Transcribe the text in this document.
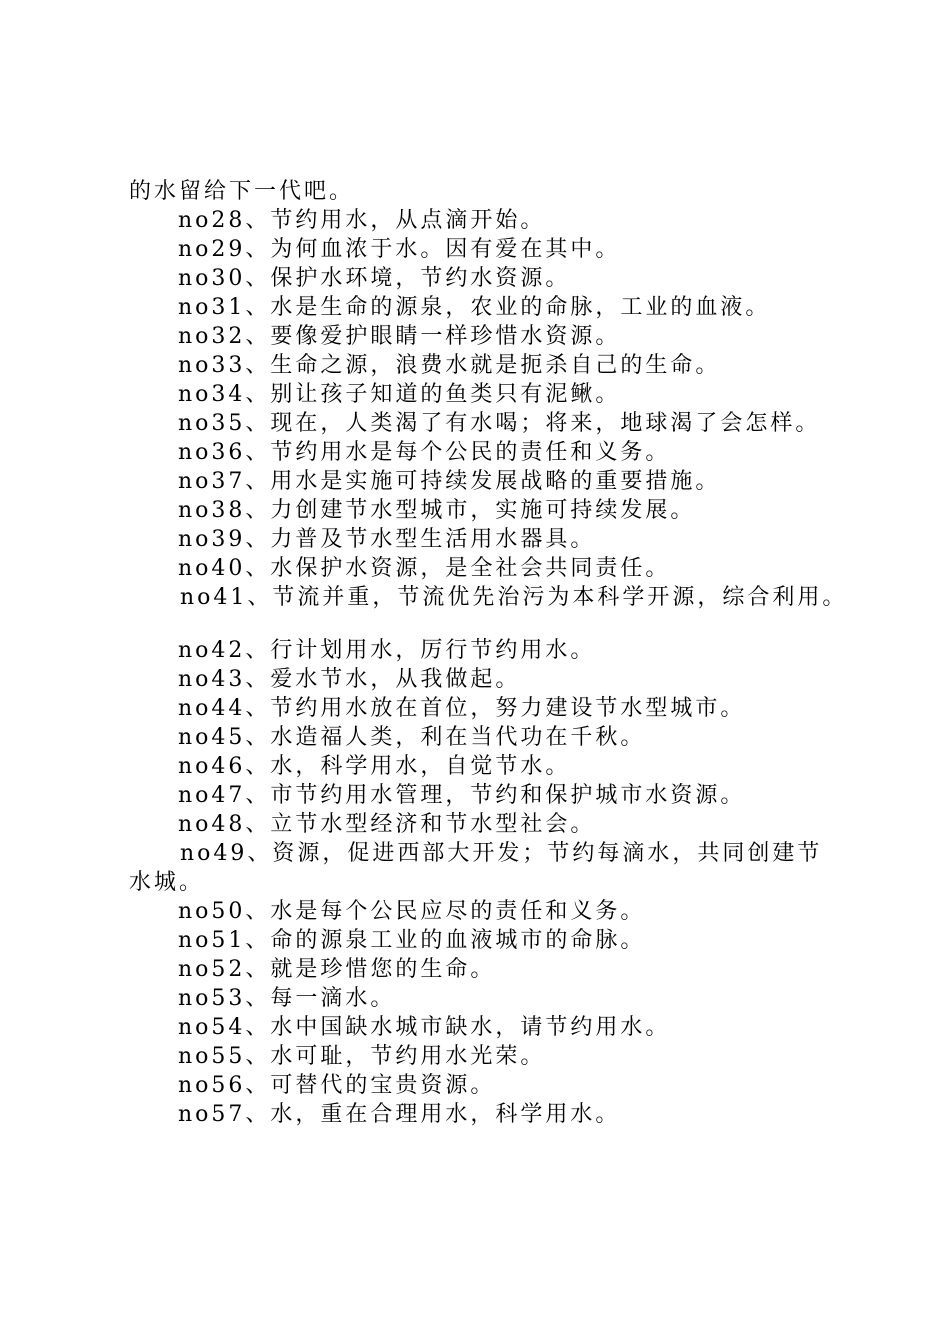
的水留给下一代吧。
no28、节约用水，从点滴开始。
no29、为何血浓于水。因有爱在其中。
no30、保护水环境，节约水资源。
no31、水是生命的源泉，农业的命脉，工业的血液。
no32、要像爱护眼睛一样珍惜水资源。
no33、生命之源，浪费水就是扼杀自己的生命。
no34、别让孩子知道的鱼类只有泥鳅。
no35、现在，人类渴了有水喝；将来，地球渴了会怎样。
no36、节约用水是每个公民的责任和义务。
no37、用水是实施可持续发展战略的重要措施。
no38、力创建节水型城市，实施可持续发展。
no39、力普及节水型生活用水器具。
no40、水保护水资源，是全社会共同责任。
no41、节流并重，节流优先治污为本科学开源，综合利用。
no42、行计划用水，厉行节约用水。
no43、爱水节水，从我做起。
no44、节约用水放在首位，努力建设节水型城市。
no45、水造福人类，利在当代功在千秋。
no46、水，科学用水，自觉节水。
no47、市节约用水管理，节约和保护城市水资源。
no48、立节水型经济和节水型社会。
no49、资源，促进西部大开发；节约每滴水，共同创建节
水城。
no50、水是每个公民应尽的责任和义务。
no51、命的源泉工业的血液城市的命脉。
no52、就是珍惜您的生命。
no53、每一滴水。
no54、水中国缺水城市缺水，请节约用水。
no55、水可耻，节约用水光荣。
no56、可替代的宝贵资源。
no57、水，重在合理用水，科学用水。
